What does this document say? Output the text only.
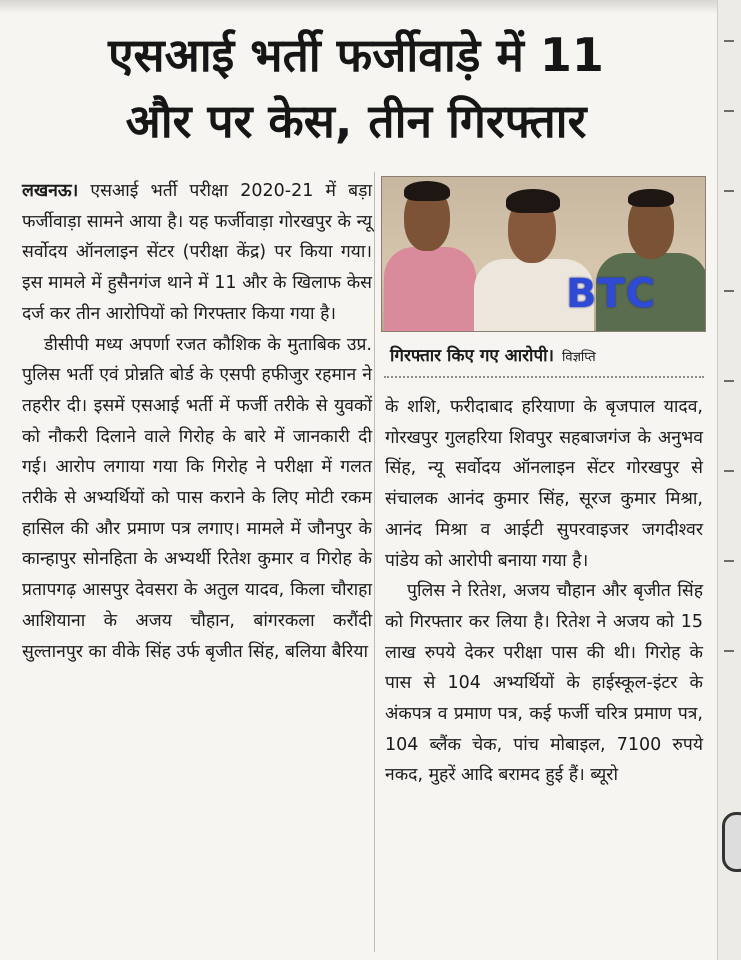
एसआई भर्ती फर्जीवाड़े में 11
और पर केस, तीन गिरफ्तार

लखनऊ। एसआई भर्ती परीक्षा 2020-21 में बड़ा फर्जीवाड़ा सामने आया है। यह फर्जीवाड़ा गोरखपुर के न्यू सर्वोदय ऑनलाइन सेंटर (परीक्षा केंद्र) पर किया गया। इस मामले में हुसैनगंज थाने में 11 और के खिलाफ केस दर्ज कर तीन आरोपियों को गिरफ्तार किया गया है।

डीसीपी मध्य अपर्णा रजत कौशिक के मुताबिक उप्र. पुलिस भर्ती एवं प्रोन्नति बोर्ड के एसपी हफीजुर रहमान ने तहरीर दी। इसमें एसआई भर्ती में फर्जी तरीके से युवकों को नौकरी दिलाने वाले गिरोह के बारे में जानकारी दी गई। आरोप लगाया गया कि गिरोह ने परीक्षा में गलत तरीके से अभ्यर्थियों को पास कराने के लिए मोटी रकम हासिल की और प्रमाण पत्र लगाए। मामले में जौनपुर के कान्हापुर सोनहिता के अभ्यर्थी रितेश कुमार व गिरोह के प्रतापगढ़ आसपुर देवसरा के अतुल यादव, किला चौराहा आशियाना के अजय चौहान, बांगरकला करौंदी सुल्तानपुर का वीके सिंह उर्फ बृजीत सिंह, बलिया बैरिया

BTC
गिरफ्तार किए गए आरोपी। विज्ञप्ति

के शशि, फरीदाबाद हरियाणा के बृजपाल यादव, गोरखपुर गुलहरिया शिवपुर सहबाजगंज के अनुभव सिंह, न्यू सर्वोदय ऑनलाइन सेंटर गोरखपुर से संचालक आनंद कुमार सिंह, सूरज कुमार मिश्रा, आनंद मिश्रा व आईटी सुपरवाइजर जगदीश्वर पांडेय को आरोपी बनाया गया है।

पुलिस ने रितेश, अजय चौहान और बृजीत सिंह को गिरफ्तार कर लिया है। रितेश ने अजय को 15 लाख रुपये देकर परीक्षा पास की थी। गिरोह के पास से 104 अभ्यर्थियों के हाईस्कूल-इंटर के अंकपत्र व प्रमाण पत्र, कई फर्जी चरित्र प्रमाण पत्र, 104 ब्लैंक चेक, पांच मोबाइल, 7100 रुपये नकद, मुहरें आदि बरामद हुई हैं। ब्यूरो
